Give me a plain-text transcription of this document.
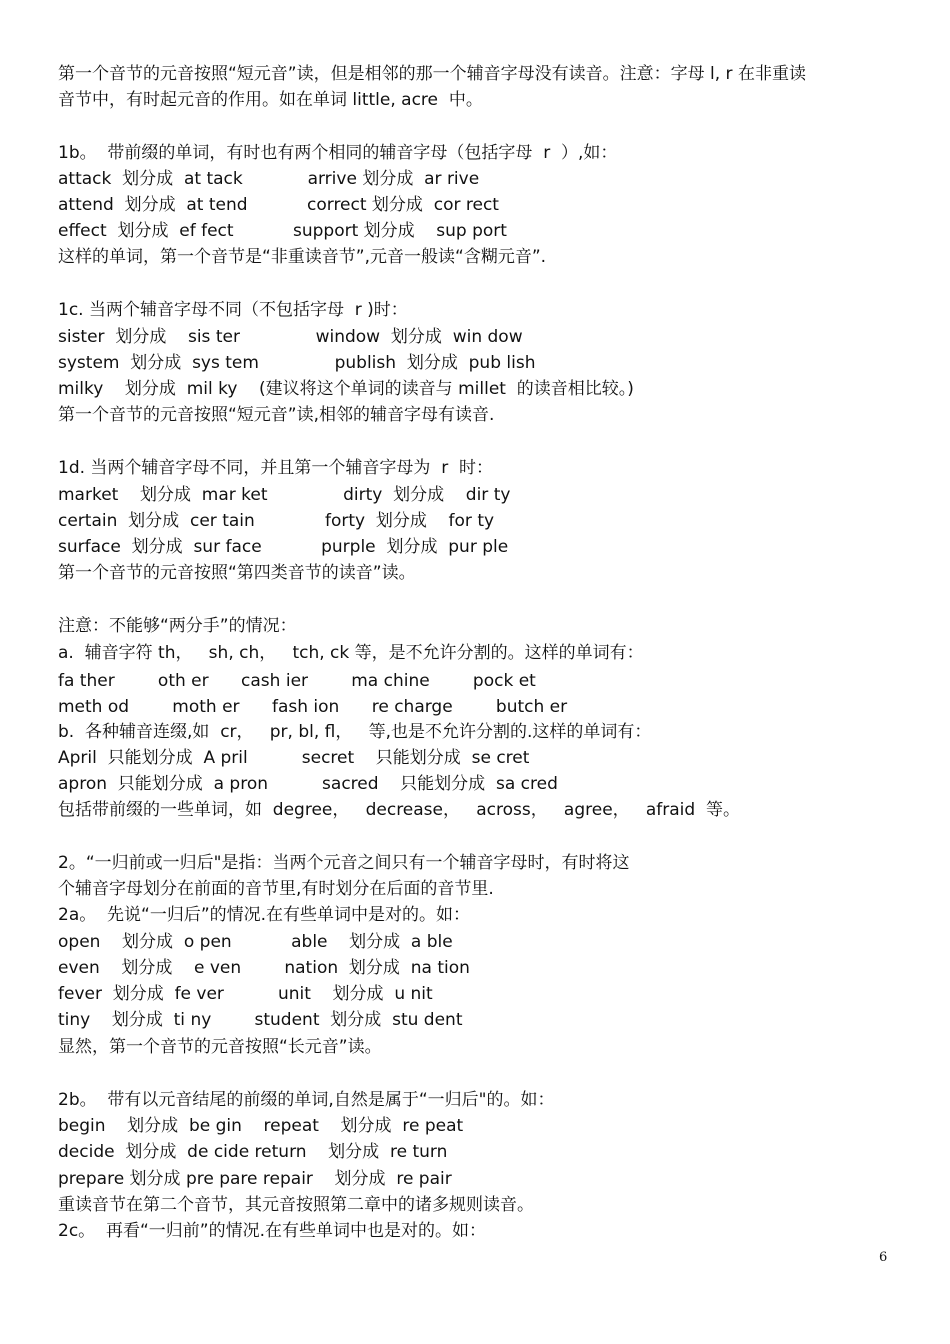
第一个音节的元音按照“短元音”读，但是相邻的那一个辅音字母没有读音。注意：字母 l, r 在非重读
音节中，有时起元音的作用。如在单词 little, acre  中。
1b。  带前缀的单词，有时也有两个相同的辅音字母（包括字母  r  ）,如：
attack  划分成  at tack            arrive 划分成  ar rive
attend  划分成  at tend           correct 划分成  cor rect
effect  划分成  ef fect           support 划分成    sup port
这样的单词，第一个音节是“非重读音节”,元音一般读“含糊元音”.
1c. 当两个辅音字母不同（不包括字母  r )时：
sister  划分成    sis ter              window  划分成  win dow
system  划分成  sys tem              publish  划分成  pub lish
milky    划分成  mil ky    (建议将这个单词的读音与 millet  的读音相比较。)
第一个音节的元音按照“短元音”读,相邻的辅音字母有读音.
1d. 当两个辅音字母不同，并且第一个辅音字母为  r  时：
market    划分成  mar ket              dirty  划分成    dir ty
certain  划分成  cer tain             forty  划分成    for ty
surface  划分成  sur face           purple  划分成  pur ple
第一个音节的元音按照“第四类音节的读音”读。
注意：不能够“两分手”的情况：
a.  辅音字符 th，   sh, ch，   tch, ck 等，是不允许分割的。这样的单词有：
fa ther        oth er      cash ier        ma chine        pock et
meth od        moth er      fash ion      re charge        butch er
b.  各种辅音连缀,如  cr，   pr, bl, fl，   等,也是不允许分割的.这样的单词有：
April  只能划分成  A pril          secret    只能划分成  se cret
apron  只能划分成  a pron          sacred    只能划分成  sa cred
包括带前缀的一些单词，如  degree，   decrease，   across，   agree，   afraid  等。
2。“一归前或一归后"是指：当两个元音之间只有一个辅音字母时，有时将这
个辅音字母划分在前面的音节里,有时划分在后面的音节里.
2a。  先说“一归后”的情况.在有些单词中是对的。如：
open    划分成  o pen           able    划分成  a ble
even    划分成    e ven        nation  划分成  na tion
fever  划分成  fe ver          unit    划分成  u nit
tiny    划分成  ti ny        student  划分成  stu dent
显然，第一个音节的元音按照“长元音”读。
2b。  带有以元音结尾的前缀的单词,自然是属于“一归后"的。如：
begin    划分成  be gin    repeat    划分成  re peat
decide  划分成  de cide return    划分成  re turn
prepare 划分成 pre pare repair    划分成  re pair
重读音节在第二个音节，其元音按照第二章中的诸多规则读音。
2c。  再看“一归前”的情况.在有些单词中也是对的。如：
6
